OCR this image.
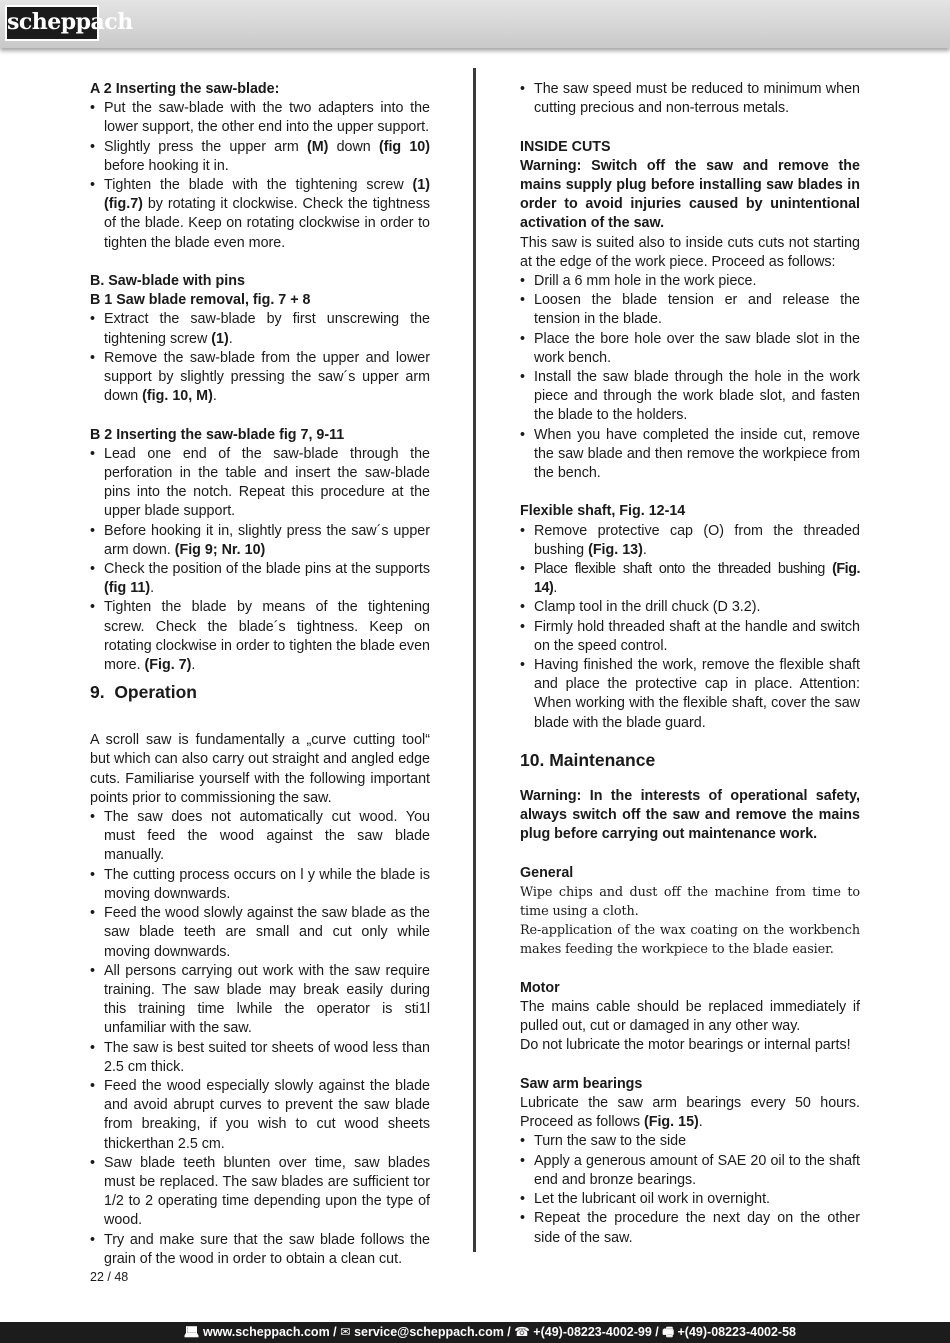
scheppach
A 2 Inserting the saw-blade:
• Put the saw-blade with the two adapters into the lower support, the other end into the upper support.
• Slightly press the upper arm (M) down (fig 10) before hooking it in.
• Tighten the blade with the tightening screw (1) (fig.7) by rotating it clockwise. Check the tightness of the blade. Keep on rotating clockwise in order to tighten the blade even more.
B. Saw-blade with pins
B 1 Saw blade removal, fig. 7 + 8
• Extract the saw-blade by first unscrewing the tightening screw (1).
• Remove the saw-blade from the upper and lower support by slightly pressing the saw´s upper arm down (fig. 10, M).
B 2 Inserting the saw-blade fig 7, 9-11
• Lead one end of the saw-blade through the perforation in the table and insert the saw-blade pins into the notch. Repeat this procedure at the upper blade support.
• Before hooking it in, slightly press the saw´s upper arm down. (Fig 9; Nr. 10)
• Check the position of the blade pins at the supports (fig 11).
• Tighten the blade by means of the tightening screw. Check the blade´s tightness. Keep on rotating clockwise in order to tighten the blade even more. (Fig. 7).
9.  Operation

A scroll saw is fundamentally a „curve cutting tool“ but which can also carry out straight and angled edge cuts. Familiarise yourself with the following important points prior to commissioning the saw.

• The saw does not automatically cut wood. You must feed the wood against the saw blade manually.
• The cutting process occurs on l y while the blade is moving downwards.
• Feed the wood slowly against the saw blade as the saw blade teeth are small and cut only while moving downwards.
• All persons carrying out work with the saw require training. The saw blade may break easily during this training time lwhile the operator is sti1l unfamiliar with the saw.
• The saw is best suited tor sheets of wood less than 2.5 cm thick.
• Feed the wood especially slowly against the blade and avoid abrupt curves to prevent the saw blade from breaking, if you wish to cut wood sheets thickerthan 2.5 cm.
• Saw blade teeth blunten over time, saw blades must be replaced. The saw blades are sufficient tor 1/2 to 2 operating time depending upon the type of wood.
• Try and make sure that the saw blade follows the grain of the wood in order to obtain a clean cut.
• The saw speed must be reduced to minimum when cutting precious and non-terrous metals.
INSIDE CUTS
Warning: Switch off the saw and remove the mains supply plug before installing saw blades in order to avoid injuries caused by unintentional activation of the saw.

This saw is suited also to inside cuts cuts not starting at the edge of the work piece. Proceed as follows:

• Drill a 6 mm hole in the work piece.
• Loosen the blade tension er and release the tension in the blade.
• Place the bore hole over the saw blade slot in the work bench.
• Install the saw blade through the hole in the work piece and through the work blade slot, and fasten the blade to the holders.
• When you have completed the inside cut, remove the saw blade and then remove the workpiece from the bench.
Flexible shaft, Fig. 12-14
• Remove protective cap (O) from the threaded bushing (Fig. 13).
• Place flexible shaft onto the threaded bushing (Fig. 14).
• Clamp tool in the drill chuck (D 3.2).
• Firmly hold threaded shaft at the handle and switch on the speed control.
• Having finished the work, remove the flexible shaft and place the protective cap in place. Attention: When working with the flexible shaft, cover the saw blade with the blade guard.
10. Maintenance
Warning: In the interests of operational safety, always switch off the saw and remove the mains plug before carrying out maintenance work.
General

Wipe chips and dust off the machine from time to time using a cloth.

Re-application of the wax coating on the workbench makes feeding the workpiece to the blade easier.

Motor

The mains cable should be replaced immediately if pulled out, cut or damaged in any other way.

Do not lubricate the motor bearings or internal parts!

Saw arm bearings

Lubricate the saw arm bearings every 50 hours. Proceed as follows (Fig. 15).

• Turn the saw to the side
• Apply a generous amount of SAE 20 oil to the shaft end and bronze bearings.
• Let the lubricant oil work in overnight.
• Repeat the procedure the next day on the other side of the saw.
22 / 48
💻︎ www.scheppach.com / ✉ service@scheppach.com / ☎ +(49)-08223-4002-99 / 🖷︎ +(49)-08223-4002-58
